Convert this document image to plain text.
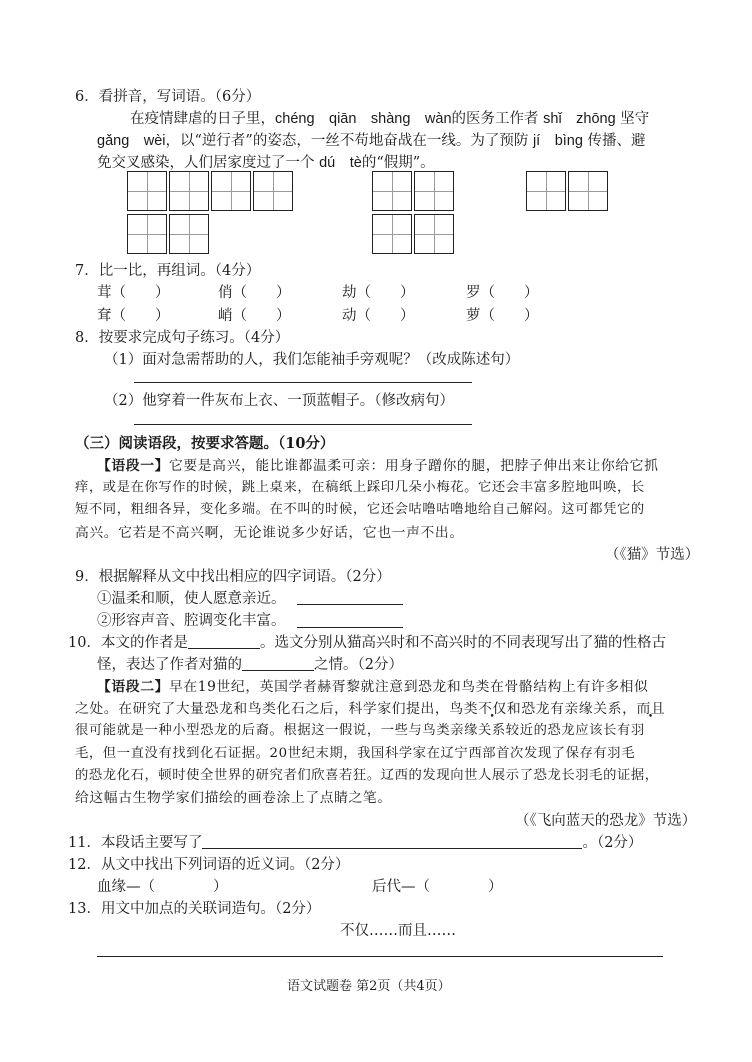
6．看拼音，写词语。（6分）
在疫情肆虐的日子里，chéng　qiān　shàng　wàn的医务工作者 shǐ　zhōng 坚守
gǎng　wèi，以“逆行者”的姿态，一丝不苟地奋战在一线。为了预防 jí　bìng 传播、避
免交叉感染，人们居家度过了一个 dú　tè的“假期”。
7．比一比，再组词。（4分）
茸（　　）	俏（　　）	劫（　　）	罗（　　）
耷（　　）	峭（　　）	动（　　）	萝（　　）
8．按要求完成句子练习。（4分）
（1）面对急需帮助的人，我们怎能袖手旁观呢？（改成陈述句）
（2）他穿着一件灰布上衣、一顶蓝帽子。（修改病句）
（三）阅读语段，按要求答题。（10分）
【语段一】它要是高兴，能比谁都温柔可亲：用身子蹭你的腿，把脖子伸出来让你给它抓
痒，或是在你写作的时候，跳上桌来，在稿纸上踩印几朵小梅花。它还会丰富多腔地叫唤，长
短不同，粗细各异，变化多端。在不叫的时候，它还会咕噜咕噜地给自己解闷。这可都凭它的
高兴。它若是不高兴啊，无论谁说多少好话，它也一声不出。
（《猫》节选）
9．根据解释从文中找出相应的四字词语。（2分）
①温柔和顺，使人愿意亲近。
②形容声音、腔调变化丰富。
10．本文的作者是	。选文分别从猫高兴时和不高兴时的不同表现写出了猫的性格古
怪，表达了作者对猫的	之情。（2分）
【语段二】早在19世纪，英国学者赫胥黎就注意到恐龙和鸟类在骨骼结构上有许多相似
之处。在研究了大量恐龙和鸟类化石之后，科学家们提出，鸟类不仅和恐龙有亲缘关系，而且
很可能就是一种小型恐龙的后裔。根据这一假说，一些与鸟类亲缘关系较近的恐龙应该长有羽
毛，但一直没有找到化石证据。20世纪末期，我国科学家在辽宁西部首次发现了保存有羽毛
的恐龙化石，顿时使全世界的研究者们欣喜若狂。辽西的发现向世人展示了恐龙长羽毛的证据，
给这幅古生物学家们描绘的画卷涂上了点睛之笔。
（《飞向蓝天的恐龙》节选）
11．本段话主要写了	。（2分）
12．从文中找出下列词语的近义词。（2分）
血缘—（　　　　）	后代—（　　　　）
13．用文中加点的关联词造句。（2分）
不仅……而且……
语文试题卷 第2页（共4页）
